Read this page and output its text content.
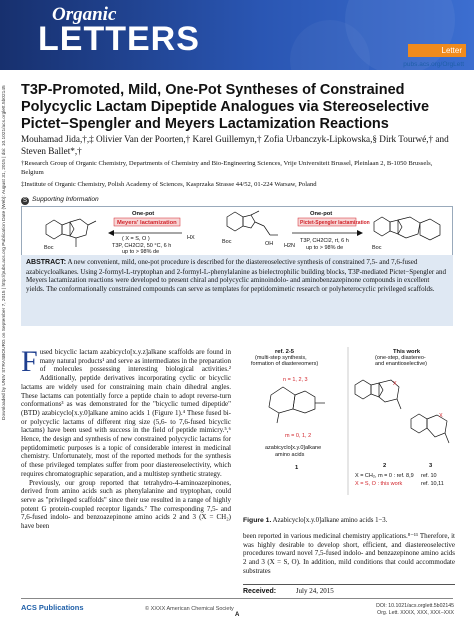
Organic
LETTERS	Letter
pubs.acs.org/OrgLett
Downloaded by UNIV STRASBOURG on September 7, 2015 | http://pubs.acs.org Publication Date (Web): August 31, 2015 | doi: 10.1021/acs.orglett.5b02145 T3P-Promoted, Mild, One-Pot Syntheses of Constrained Polycyclic Lactam Dipeptide Analogues via Stereoselective Pictet−Spengler and Meyers Lactamization Reactions
Mouhamad Jida,†,‡ Olivier Van der Poorten,† Karel Guillemyn,† Zofia Urbanczyk-Lipkowska,§ Dirk Tourwé,† and Steven Ballet*,†
†Research Group of Organic Chemistry, Departments of Chemistry and Bio-Engineering Sciences, Vrije Universiteit Brussel, Pleinlaan 2, B-1050 Brussels, Belgium
‡Institute of Organic Chemistry, Polish Academy of Sciences, Kasprzaka Strasse 44/52, 01-224 Warsaw, Poland
S Supporting Information
Boc
One-pot
Meyers' lactamization
( X = S, O )
T3P, CH2Cl2, 50 °C, 6 h
up to > 98% de
HX
OH
Boc
One-pot
Pictet-Spengler lactamization
T3P, CH2Cl2, rt, 6 h
up to > 98% de
H2N	Boc
ABSTRACT: A new convenient, mild, one-pot procedure is described for the diastereoselective synthesis of constrained 7,5- and 7,6-fused azabicycloalkanes. Using 2-formyl-L-tryptophan and 2-formyl-L-phenylalanine as bielectrophilic building blocks, T3P-mediated Pictet−Spengler and Meyers lactamization reactions were developed to present chiral and polycyclic aminoindolo- and aminobenzazepinone compounds in excellent yields. The conformationally constrained compounds can serve as templates for peptidomimetic research or polyheterocyclic privileged scaffolds.
F used bicyclic lactam azabicyclo[x.y.z]alkane scaffolds are found in many natural products¹ and serve as intermediates in the preparation of molecules possessing interesting biological activities.² Additionally, peptide derivatives incorporating cyclic or bicyclic lactams are widely used for constraining main chain dihedral angles. These lactams can potentially force a peptide chain to adopt reverse-turn conformations³ as was demonstrated for the "bicyclic turned dipeptide" (BTD) azabicyclo[x.y.0]alkane amino acids 1 (Figure 1).⁴ These fused bi- or polycyclic lactams of different ring size (5,6- to 7,6-fused bicyclic lactams) have been used with success in the field of peptide mimicry.⁵,⁶ Hence, the design and synthesis of new constrained polycyclic lactams for peptidomimetic purposes is a topic of considerable interest in medicinal chemistry. Unfortunately, most of the reported methods for the synthesis of these privileged templates suffer from poor diastereoselectivity, which requires chromatographic separation, and a multistep synthetic strategy.
Previously, our group reported that tetrahydro-4-aminoazepinones, derived from amino acids such as phenylalanine and tryptophan, could serve as "privileged scaffolds" since their use resulted in a range of highly potent G protein-coupled receptor ligands.⁷ The corresponding 7,5- and 7,6-fused indolo- and benzoazepinone amino acids 2 and 3 (X = CH₂) have been
ref. 2-5
(multi-step synthesis,
formation of diastereomers)
This work
(one-step, diastereo-
and enantioselective)
n = 1, 2, 3
m = 0, 1, 2
azabicyclo[x.y.0]alkane
amino acids
1
X
2
X
3
X = CH₂, m = 0 : ref. 8,9
X = S, O : this work
ref. 10
ref. 10,11
Figure 1. Azabicyclo[x.y.0]alkane amino acids 1−3.
been reported in various medicinal chemistry applications.⁸⁻¹¹ Therefore, it was highly desirable to develop short, efficient, and diastereoselective procedures toward novel 7,5-fused indolo- and benzazepinone amino acids 2 and 3 (X = S, O). In addition, mild conditions that could accommodate substrates
Received:	July 24, 2015
ACS Publications	© XXXX American Chemical Society
A
DOI: 10.1021/acs.orglett.5b02145
Org. Lett. XXXX, XXX, XXX−XXX
